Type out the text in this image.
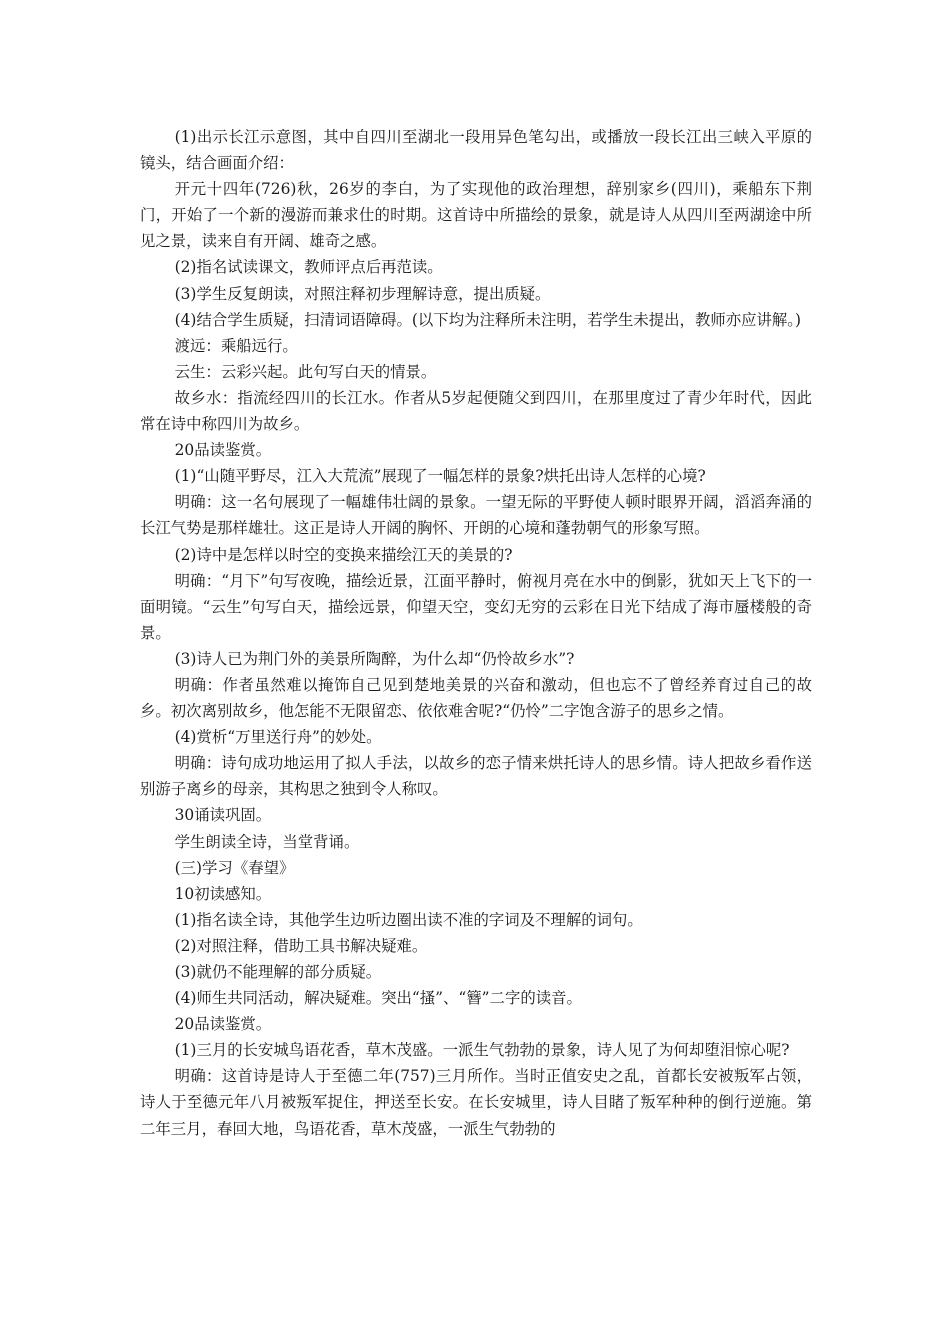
(1)出示长江示意图，其中自四川至湖北一段用异色笔勾出，或播放一段长江出三峡入平原的镜头，结合画面介绍：

开元十四年(726)秋，26岁的李白，为了实现他的政治理想，辞别家乡(四川)，乘船东下荆门，开始了一个新的漫游而兼求仕的时期。这首诗中所描绘的景象，就是诗人从四川至两湖途中所见之景，读来自有开阔、雄奇之感。

(2)指名试读课文，教师评点后再范读。

(3)学生反复朗读，对照注释初步理解诗意，提出质疑。

(4)结合学生质疑，扫清词语障碍。(以下均为注释所未注明，若学生未提出，教师亦应讲解。)

渡远：乘船远行。

云生：云彩兴起。此句写白天的情景。

故乡水：指流经四川的长江水。作者从5岁起便随父到四川，在那里度过了青少年时代，因此常在诗中称四川为故乡。

20品读鉴赏。

(1)“山随平野尽，江入大荒流”展现了一幅怎样的景象?烘托出诗人怎样的心境?

明确：这一名句展现了一幅雄伟壮阔的景象。一望无际的平野使人顿时眼界开阔，滔滔奔涌的长江气势是那样雄壮。这正是诗人开阔的胸怀、开朗的心境和蓬勃朝气的形象写照。

(2)诗中是怎样以时空的变换来描绘江天的美景的?

明确：“月下”句写夜晚，描绘近景，江面平静时，俯视月亮在水中的倒影，犹如天上飞下的一面明镜。“云生”句写白天，描绘远景，仰望天空，变幻无穷的云彩在日光下结成了海市蜃楼般的奇景。

(3)诗人已为荆门外的美景所陶醉，为什么却“仍怜故乡水”?

明确：作者虽然难以掩饰自己见到楚地美景的兴奋和激动，但也忘不了曾经养育过自己的故乡。初次离别故乡，他怎能不无限留恋、依依难舍呢?“仍怜”二字饱含游子的思乡之情。

(4)赏析“万里送行舟”的妙处。

明确：诗句成功地运用了拟人手法，以故乡的恋子情来烘托诗人的思乡情。诗人把故乡看作送别游子离乡的母亲，其构思之独到令人称叹。

30诵读巩固。

学生朗读全诗，当堂背诵。

(三)学习《春望》

10初读感知。

(1)指名读全诗，其他学生边听边圈出读不准的字词及不理解的词句。

(2)对照注释，借助工具书解决疑难。

(3)就仍不能理解的部分质疑。

(4)师生共同活动，解决疑难。突出“搔”、“簪”二字的读音。

20品读鉴赏。

(1)三月的长安城鸟语花香，草木茂盛。一派生气勃勃的景象，诗人见了为何却堕泪惊心呢?

明确：这首诗是诗人于至德二年(757)三月所作。当时正值安史之乱，首都长安被叛军占领，诗人于至德元年八月被叛军捉住，押送至长安。在长安城里，诗人目睹了叛军种种的倒行逆施。第二年三月，春回大地，鸟语花香，草木茂盛，一派生气勃勃的
